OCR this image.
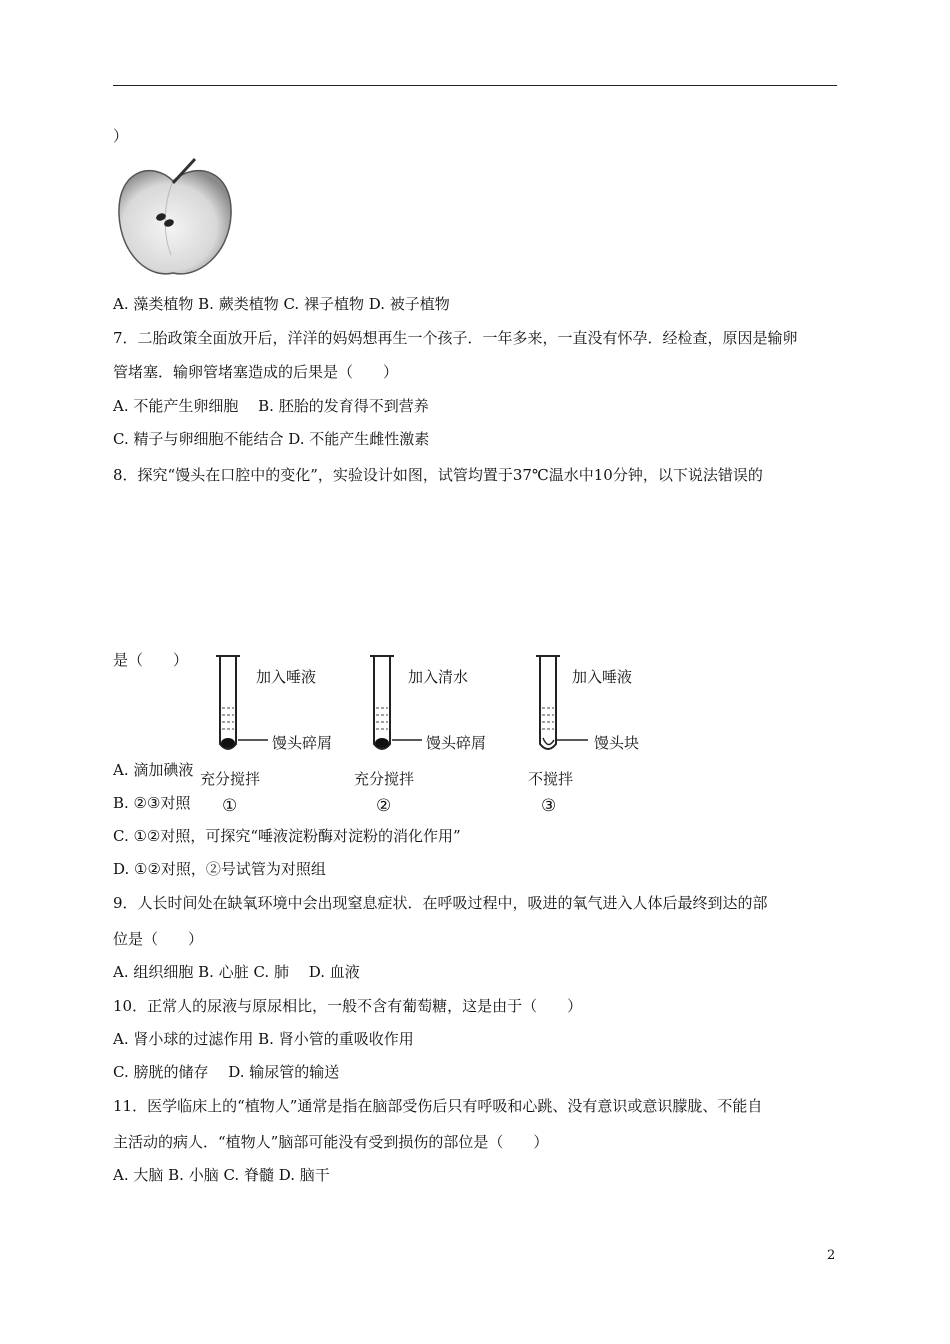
）
A. 藻类植物 B. 蕨类植物 C. 裸子植物 D. 被子植物
7．二胎政策全面放开后，洋洋的妈妈想再生一个孩子．一年多来，一直没有怀孕．经检查，原因是输卵
管堵塞．输卵管堵塞造成的后果是（　　）
A. 不能产生卵细胞　 B. 胚胎的发育得不到营养
C. 精子与卵细胞不能结合 D. 不能产生雌性激素
8．探究“馒头在口腔中的变化”，实验设计如图，试管均置于37℃温水中10分钟，以下说法错误的
是（　　）
A. 滴加碘液
B. ②③对照
加入唾液
馒头碎屑
充分搅拌
①
加入清水
馒头碎屑
充分搅拌
②
加入唾液
馒头块
不搅拌
③
C. ①②对照，可探究“唾液淀粉酶对淀粉的消化作用”
D. ①②对照，②号试管为对照组
9．人长时间处在缺氧环境中会出现窒息症状．在呼吸过程中，吸进的氧气进入人体后最终到达的部
位是（　　）
A. 组织细胞 B. 心脏 C. 肺　 D. 血液
10．正常人的尿液与原尿相比，一般不含有葡萄糖，这是由于（　　）
A. 肾小球的过滤作用 B. 肾小管的重吸收作用
C. 膀胱的储存　 D. 输尿管的输送
11．医学临床上的“植物人”通常是指在脑部受伤后只有呼吸和心跳、没有意识或意识朦胧、不能自
主活动的病人．“植物人”脑部可能没有受到损伤的部位是（　　）
A. 大脑 B. 小脑 C. 脊髓 D. 脑干
2
